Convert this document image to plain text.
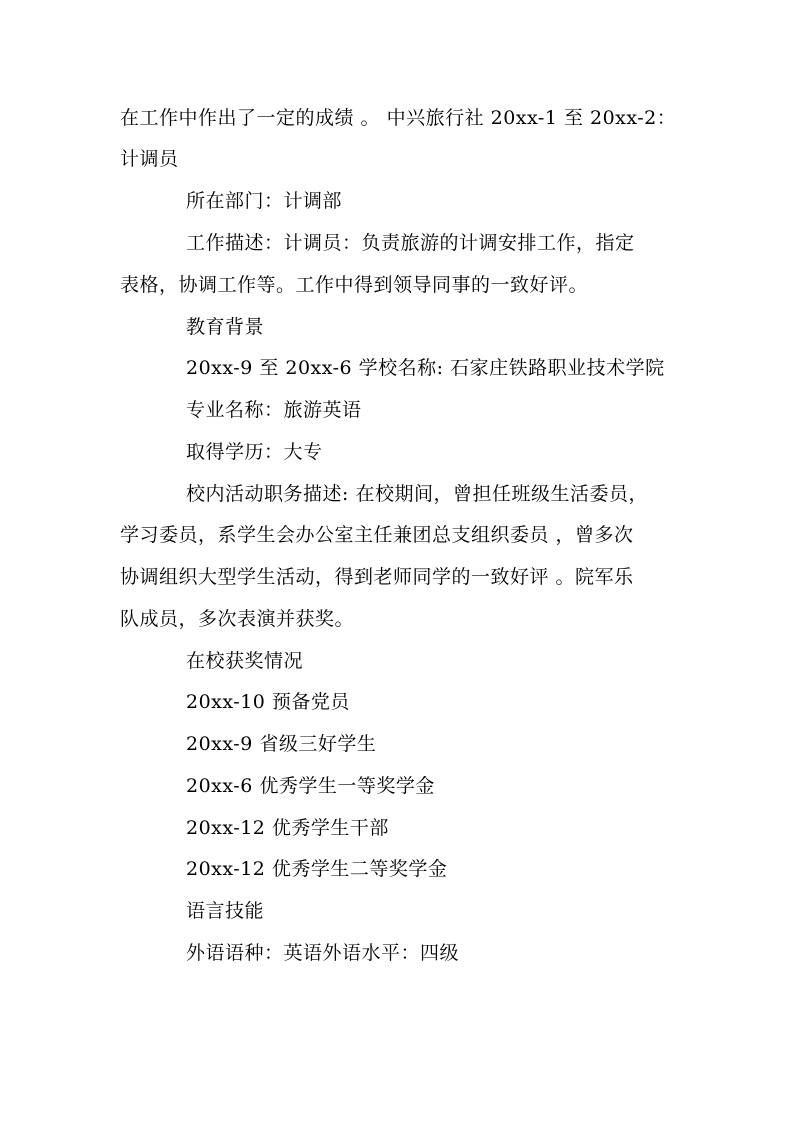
在工作中作出了一定的成绩 。 中兴旅行社 20xx-1 至 20xx-2：
计调员
所在部门：计调部
工作描述：计调员：负责旅游的计调安排工作，指定
表格，协调工作等。工作中得到领导同事的一致好评。
教育背景
20xx-9 至 20xx-6 学校名称: 石家庄铁路职业技术学院
专业名称：旅游英语
取得学历：大专
校内活动职务描述: 在校期间，曾担任班级生活委员，
学习委员，系学生会办公室主任兼团总支组织委员 ，曾多次
协调组织大型学生活动，得到老师同学的一致好评 。院军乐
队成员，多次表演并获奖。
在校获奖情况
20xx-10 预备党员
20xx-9 省级三好学生
20xx-6 优秀学生一等奖学金
20xx-12 优秀学生干部
20xx-12 优秀学生二等奖学金
语言技能
外语语种：英语外语水平：四级
